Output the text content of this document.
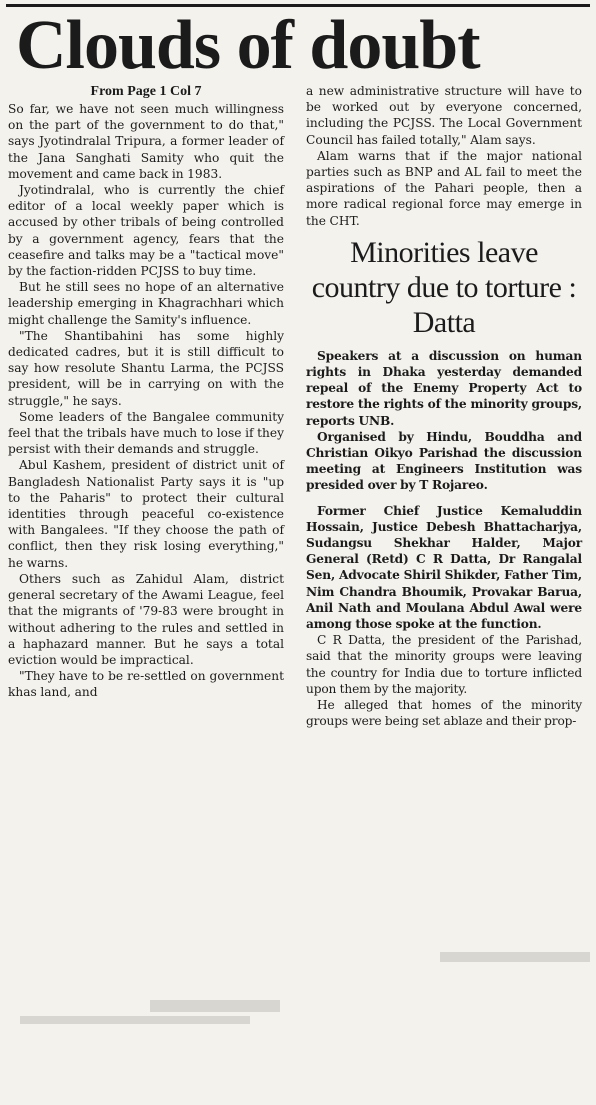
Clouds of doubt
From Page 1 Col 7

So far, we have not seen much willingness on the part of the government to do that," says Jyotindralal Tripura, a former leader of the Jana Sanghati Samity who quit the movement and came back in 1983.

Jyotindralal, who is currently the chief editor of a local weekly paper which is accused by other tribals of being controlled by a government agency, fears that the ceasefire and talks may be a "tactical move" by the faction-ridden PCJSS to buy time.

But he still sees no hope of an alternative leadership emerging in Khagrachhari which might challenge the Samity's influence.

"The Shantibahini has some highly dedicated cadres, but it is still difficult to say how resolute Shantu Larma, the PCJSS president, will be in carrying on with the struggle," he says.

Some leaders of the Bangalee community feel that the tribals have much to lose if they persist with their demands and struggle.

Abul Kashem, president of district unit of Bangladesh Nationalist Party says it is "up to the Paharis" to protect their cultural identities through peaceful co-existence with Bangalees. "If they choose the path of conflict, then they risk losing everything," he warns.

Others such as Zahidul Alam, district general secretary of the Awami League, feel that the migrants of '79-83 were brought in without adhering to the rules and settled in a haphazard manner. But he says a total eviction would be impractical.

"They have to be re-settled on government khas land, and

a new administrative structure will have to be worked out by everyone concerned, including the PCJSS. The Local Government Council has failed totally," Alam says.

Alam warns that if the major national parties such as BNP and AL fail to meet the aspirations of the Pahari people, then a more radical regional force may emerge in the CHT.

Minorities leave country due to torture : Datta

Speakers at a discussion on human rights in Dhaka yesterday demanded repeal of the Enemy Property Act to restore the rights of the minority groups, reports UNB.

Organised by Hindu, Bouddha and Christian Oikyo Parishad the discussion meeting at Engineers Institution was presided over by T Rojareo.

Former Chief Justice Kemaluddin Hossain, Justice Debesh Bhattacharjya, Sudangsu Shekhar Halder, Major General (Retd) C R Datta, Dr Rangalal Sen, Advocate Shiril Shikder, Father Tim, Nim Chandra Bhoumik, Provakar Barua, Anil Nath and Moulana Abdul Awal were among those spoke at the function.

C R Datta, the president of the Parishad, said that the minority groups were leaving the country for India due to torture inflicted upon them by the majority.

He alleged that homes of the minority groups were being set ablaze and their prop-
